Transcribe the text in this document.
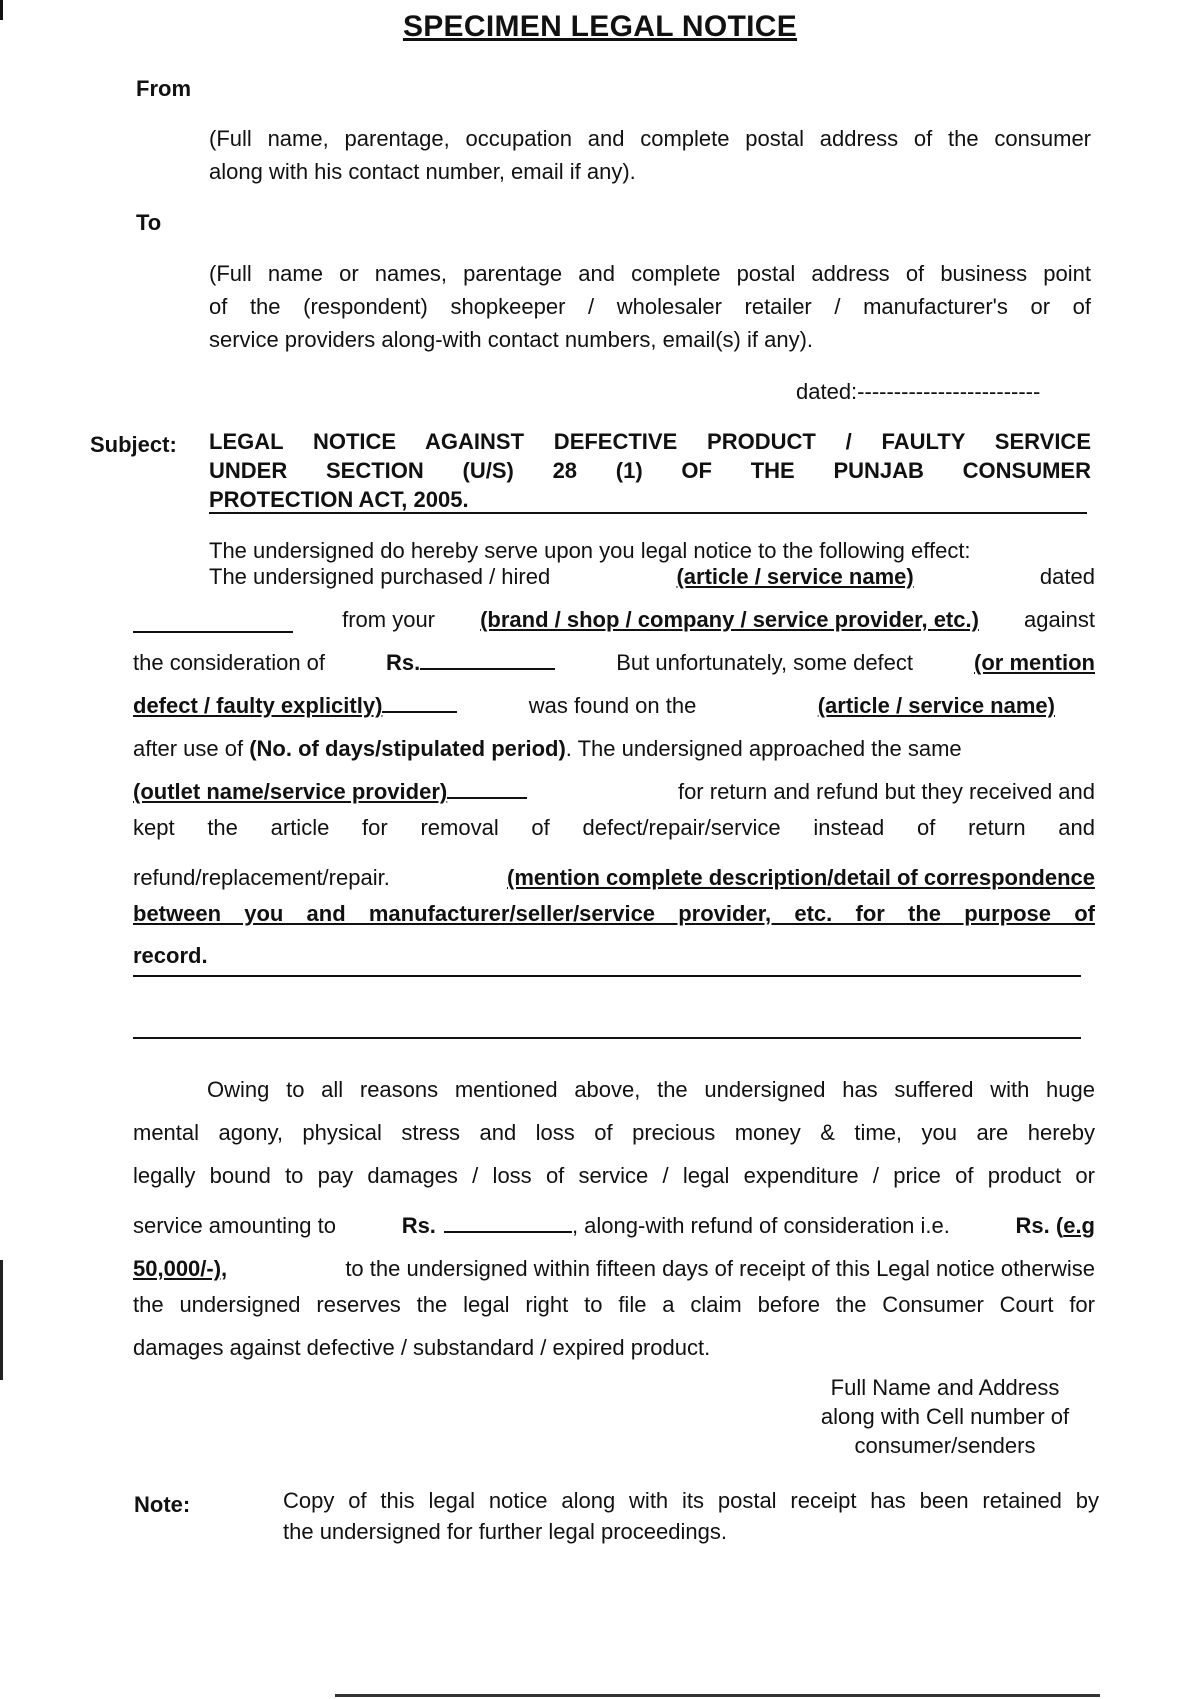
SPECIMEN LEGAL NOTICE
From
(Full name, parentage, occupation and complete postal address of the consumer
along with his contact number, email if any).
To
(Full name or names, parentage and complete postal address of business point
of the (respondent) shopkeeper / wholesaler retailer / manufacturer's or of
service providers along-with contact numbers, email(s) if any).
dated:-------------------------
Subject: LEGAL NOTICE AGAINST DEFECTIVE PRODUCT / FAULTY SERVICE
UNDER SECTION (U/S) 28 (1) OF THE PUNJAB CONSUMER
PROTECTION ACT, 2005.
The undersigned do hereby serve upon you legal notice to the following effect:
The undersigned purchased / hired	(article / service name)	dated
from your (brand / shop / company / service provider, etc.) against
the consideration of	Rs.	But unfortunately, some defect	(or mention
defect / faulty explicitly)	was found on the	(article / service name)
after use of
(No. of days/stipulated period) . The undersigned approached the same
(outlet name/service provider)	for return and refund but they received and
kept the article for removal of defect/repair/service instead of return and
refund/replacement/repair.	(mention complete description/detail of correspondence
between you and manufacturer/seller/service provider, etc. for the purpose of
record.
Owing to all reasons mentioned above, the undersigned has suffered with huge
mental agony, physical stress and loss of precious money & time, you are hereby
legally bound to pay damages / loss of service / legal expenditure / price of product or
service amounting to	Rs.	, along-with refund of consideration i.e.	Rs. (e.g
50,000/-),	to the undersigned within fifteen days of receipt of this Legal notice otherwise
the undersigned reserves the legal right to file a claim before the Consumer Court for
damages against defective / substandard / expired product.
Full Name and Address
along with Cell number of
consumer/senders
Note:	Copy of this legal notice along with its postal receipt has been retained by
the undersigned for further legal proceedings.
